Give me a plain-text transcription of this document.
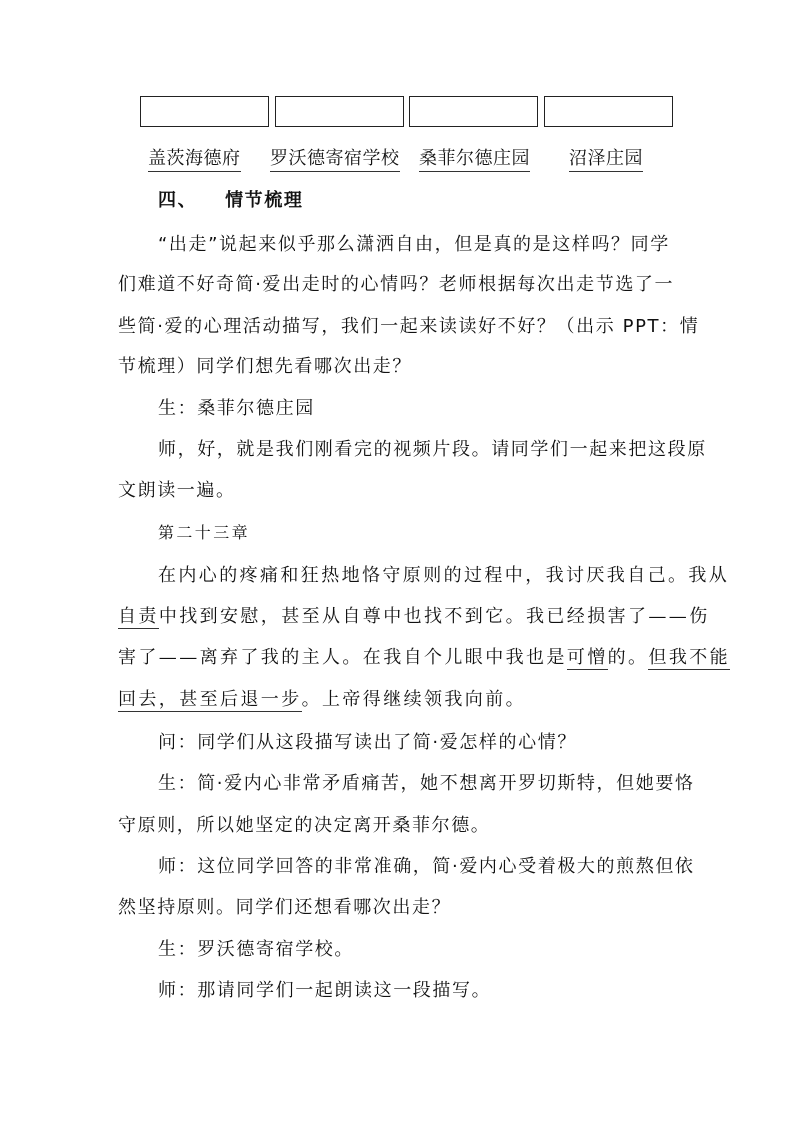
盖茨海德府 罗沃德寄宿学校 桑菲尔德庄园 沼泽庄园
四、 情节梳理
“出走”说起来似乎那么潇洒自由，但是真的是这样吗？同学
们难道不好奇简·爱出走时的心情吗？老师根据每次出走节选了一
些简·爱的心理活动描写，我们一起来读读好不好？（出示 PPT：情
节梳理）同学们想先看哪次出走？
生：桑菲尔德庄园
师，好，就是我们刚看完的视频片段。请同学们一起来把这段原
文朗读一遍。
第二十三章
在内心的疼痛和狂热地恪守原则的过程中，我讨厌我自己。我从
自责中找到安慰，甚至从自尊中也找不到它。我已经损害了——伤
害了——离弃了我的主人。在我自个儿眼中我也是可憎的。但我不能
回去，甚至后退一步。上帝得继续领我向前。
问：同学们从这段描写读出了简·爱怎样的心情？
生：简·爱内心非常矛盾痛苦，她不想离开罗切斯特，但她要恪
守原则，所以她坚定的决定离开桑菲尔德。
师：这位同学回答的非常准确，简·爱内心受着极大的煎熬但依
然坚持原则。同学们还想看哪次出走？
生：罗沃德寄宿学校。
师：那请同学们一起朗读这一段描写。
